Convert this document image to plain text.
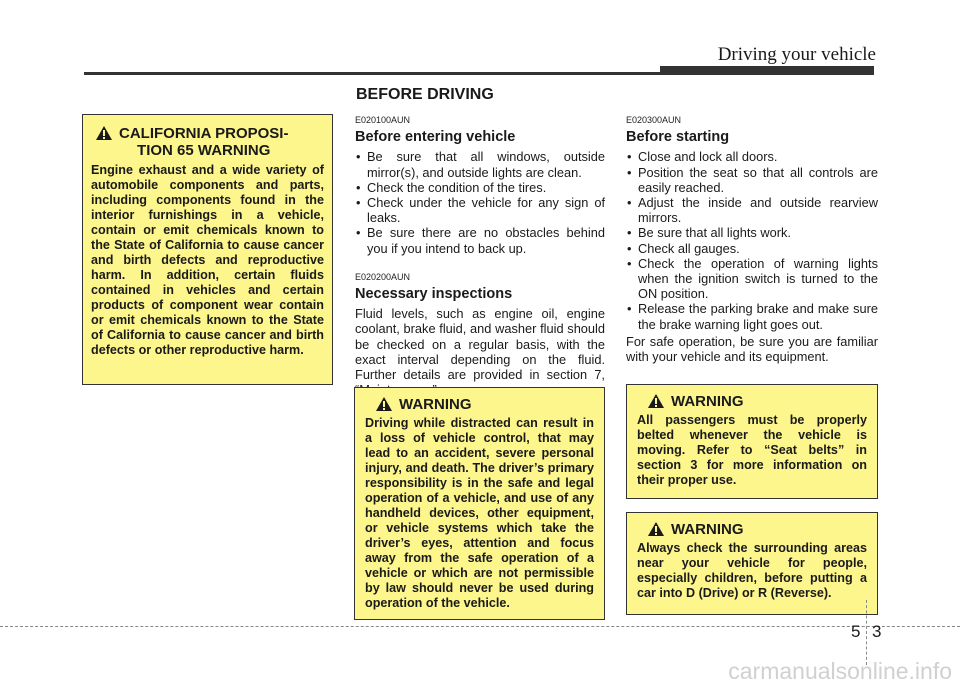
Driving your vehicle
BEFORE DRIVING
CALIFORNIA PROPOSI-
TION 65 WARNING
Engine exhaust and a wide variety of automobile components and parts, including components found in the interior furnishings in a vehicle, contain or emit chemicals known to the State of California to cause cancer and birth defects and reproductive harm. In addition, certain fluids contained in vehicles and certain products of component wear contain or emit chemicals known to the State of California to cause cancer and birth defects or other reproductive harm.
E020100AUN
Before entering vehicle
• Be sure that all windows, outside mirror(s), and outside lights are clean.
• Check the condition of the tires.
• Check under the vehicle for any sign of leaks.
• Be sure there are no obstacles behind you if you intend to back up.
E020200AUN
Necessary inspections

Fluid levels, such as engine oil, engine coolant, brake fluid, and washer fluid should be checked on a regular basis, with the exact interval depending on the fluid. Further details are provided in section 7,

WARNING
Driving while distracted can result in a loss of vehicle control, that may lead to an accident, severe personal injury, and death. The driver’s primary responsibility is in the safe and legal operation of a vehicle, and use of any handheld devices, other equipment, or vehicle systems which take the driver’s eyes, attention and focus away from the safe operation of a vehicle or which are not permissible by law should never be used during operation of the vehicle.
E020300AUN
Before starting
• Close and lock all doors.
• Position the seat so that all controls are easily reached.
• Adjust the inside and outside rearview mirrors.
• Be sure that all lights work.
• Check all gauges.
• Check the operation of warning lights when the ignition switch is turned to the ON position.
• Release the parking brake and make sure the brake warning light goes out.

For safe operation, be sure you are familiar with your vehicle and its equipment.

WARNING
All passengers must be properly belted whenever the vehicle is moving. Refer to “Seat belts” in section 3 for more information on their proper use.
WARNING
Always check the surrounding areas near your vehicle for people, especially children, before putting a car into D (Drive) or R (Reverse).
5 3
carmanualsonline.info
